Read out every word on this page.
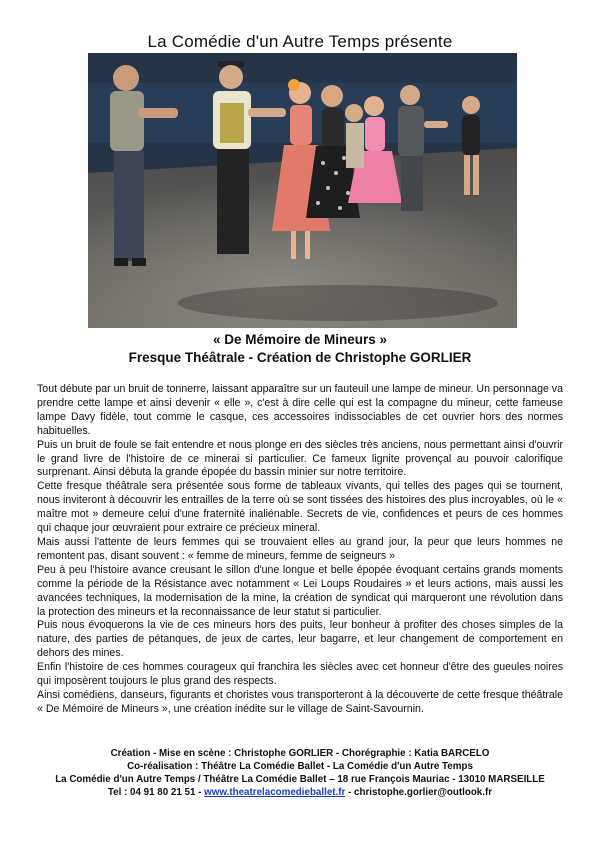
La Comédie d'un Autre Temps présente
« De Mémoire de Mineurs »
Fresque Théâtrale - Création de Christophe GORLIER

Tout débute par un bruit de tonnerre, laissant apparaître sur un fauteuil une lampe de mineur. Un personnage va prendre cette lampe et ainsi devenir « elle », c'est à dire celle qui est la compagne du mineur, cette fameuse lampe Davy fidèle, tout comme le casque, ces accessoires indissociables de cet ouvrier hors des normes habituelles.

Puis un bruit de foule se fait entendre et nous plonge en des siècles très anciens, nous permettant ainsi d'ouvrir le grand livre de l'histoire de ce minerai si particulier. Ce fameux lignite provençal au pouvoir calorifique surprenant. Ainsi débuta la grande épopée du bassin minier sur notre territoire.

Cette fresque théâtrale sera présentée sous forme de tableaux vivants, qui telles des pages qui se tournent, nous inviteront à découvrir les entrailles de la terre où se sont tissées des histoires des plus incroyables, où le « maître mot » demeure celui d'une fraternité inaliénable. Secrets de vie, confidences et peurs de ces hommes qui chaque jour œuvraient pour extraire ce précieux mineral.

Mais aussi l'attente de leurs femmes qui se trouvaient elles au grand jour, la peur que leurs hommes ne remontent pas, disant souvent : « femme de mineurs, femme de seigneurs »

Peu à peu l'histoire avance creusant le sillon d'une longue et belle épopée évoquant certains grands moments comme la période de la Résistance avec notamment « Lei Loups Roudaires » et leurs actions, mais aussi les avancées techniques, la modernisation de la mine, la création de syndicat qui marqueront une révolution dans la protection des mineurs et la reconnaissance de leur statut si particulier.

Puis nous évoquerons la vie de ces mineurs hors des puits, leur bonheur à profiter des choses simples de la nature, des parties de pétanques, de jeux de cartes, leur bagarre, et leur changement de comportement en dehors des mines.

Enfin l'histoire de ces hommes courageux qui franchira les siècles avec cet honneur d'être des gueules noires qui imposèrent toujours le plus grand des respects.

Ainsi comédiens, danseurs, figurants et choristes vous transporteront à la découverte de cette fresque théâtrale « De Mémoire de Mineurs », une création inédite sur le village de Saint-Savournin.

Création - Mise en scène : Christophe GORLIER - Chorégraphie : Katia BARCELO
Co-réalisation : Théâtre La Comédie Ballet - La Comédie d'un Autre Temps
La Comédie d'un Autre Temps / Théâtre La Comédie Ballet – 18 rue François Mauriac - 13010 MARSEILLE
Tel : 04 91 80 21 51 - www.theatrelacomedieballet.fr - christophe.gorlier@outlook.fr
